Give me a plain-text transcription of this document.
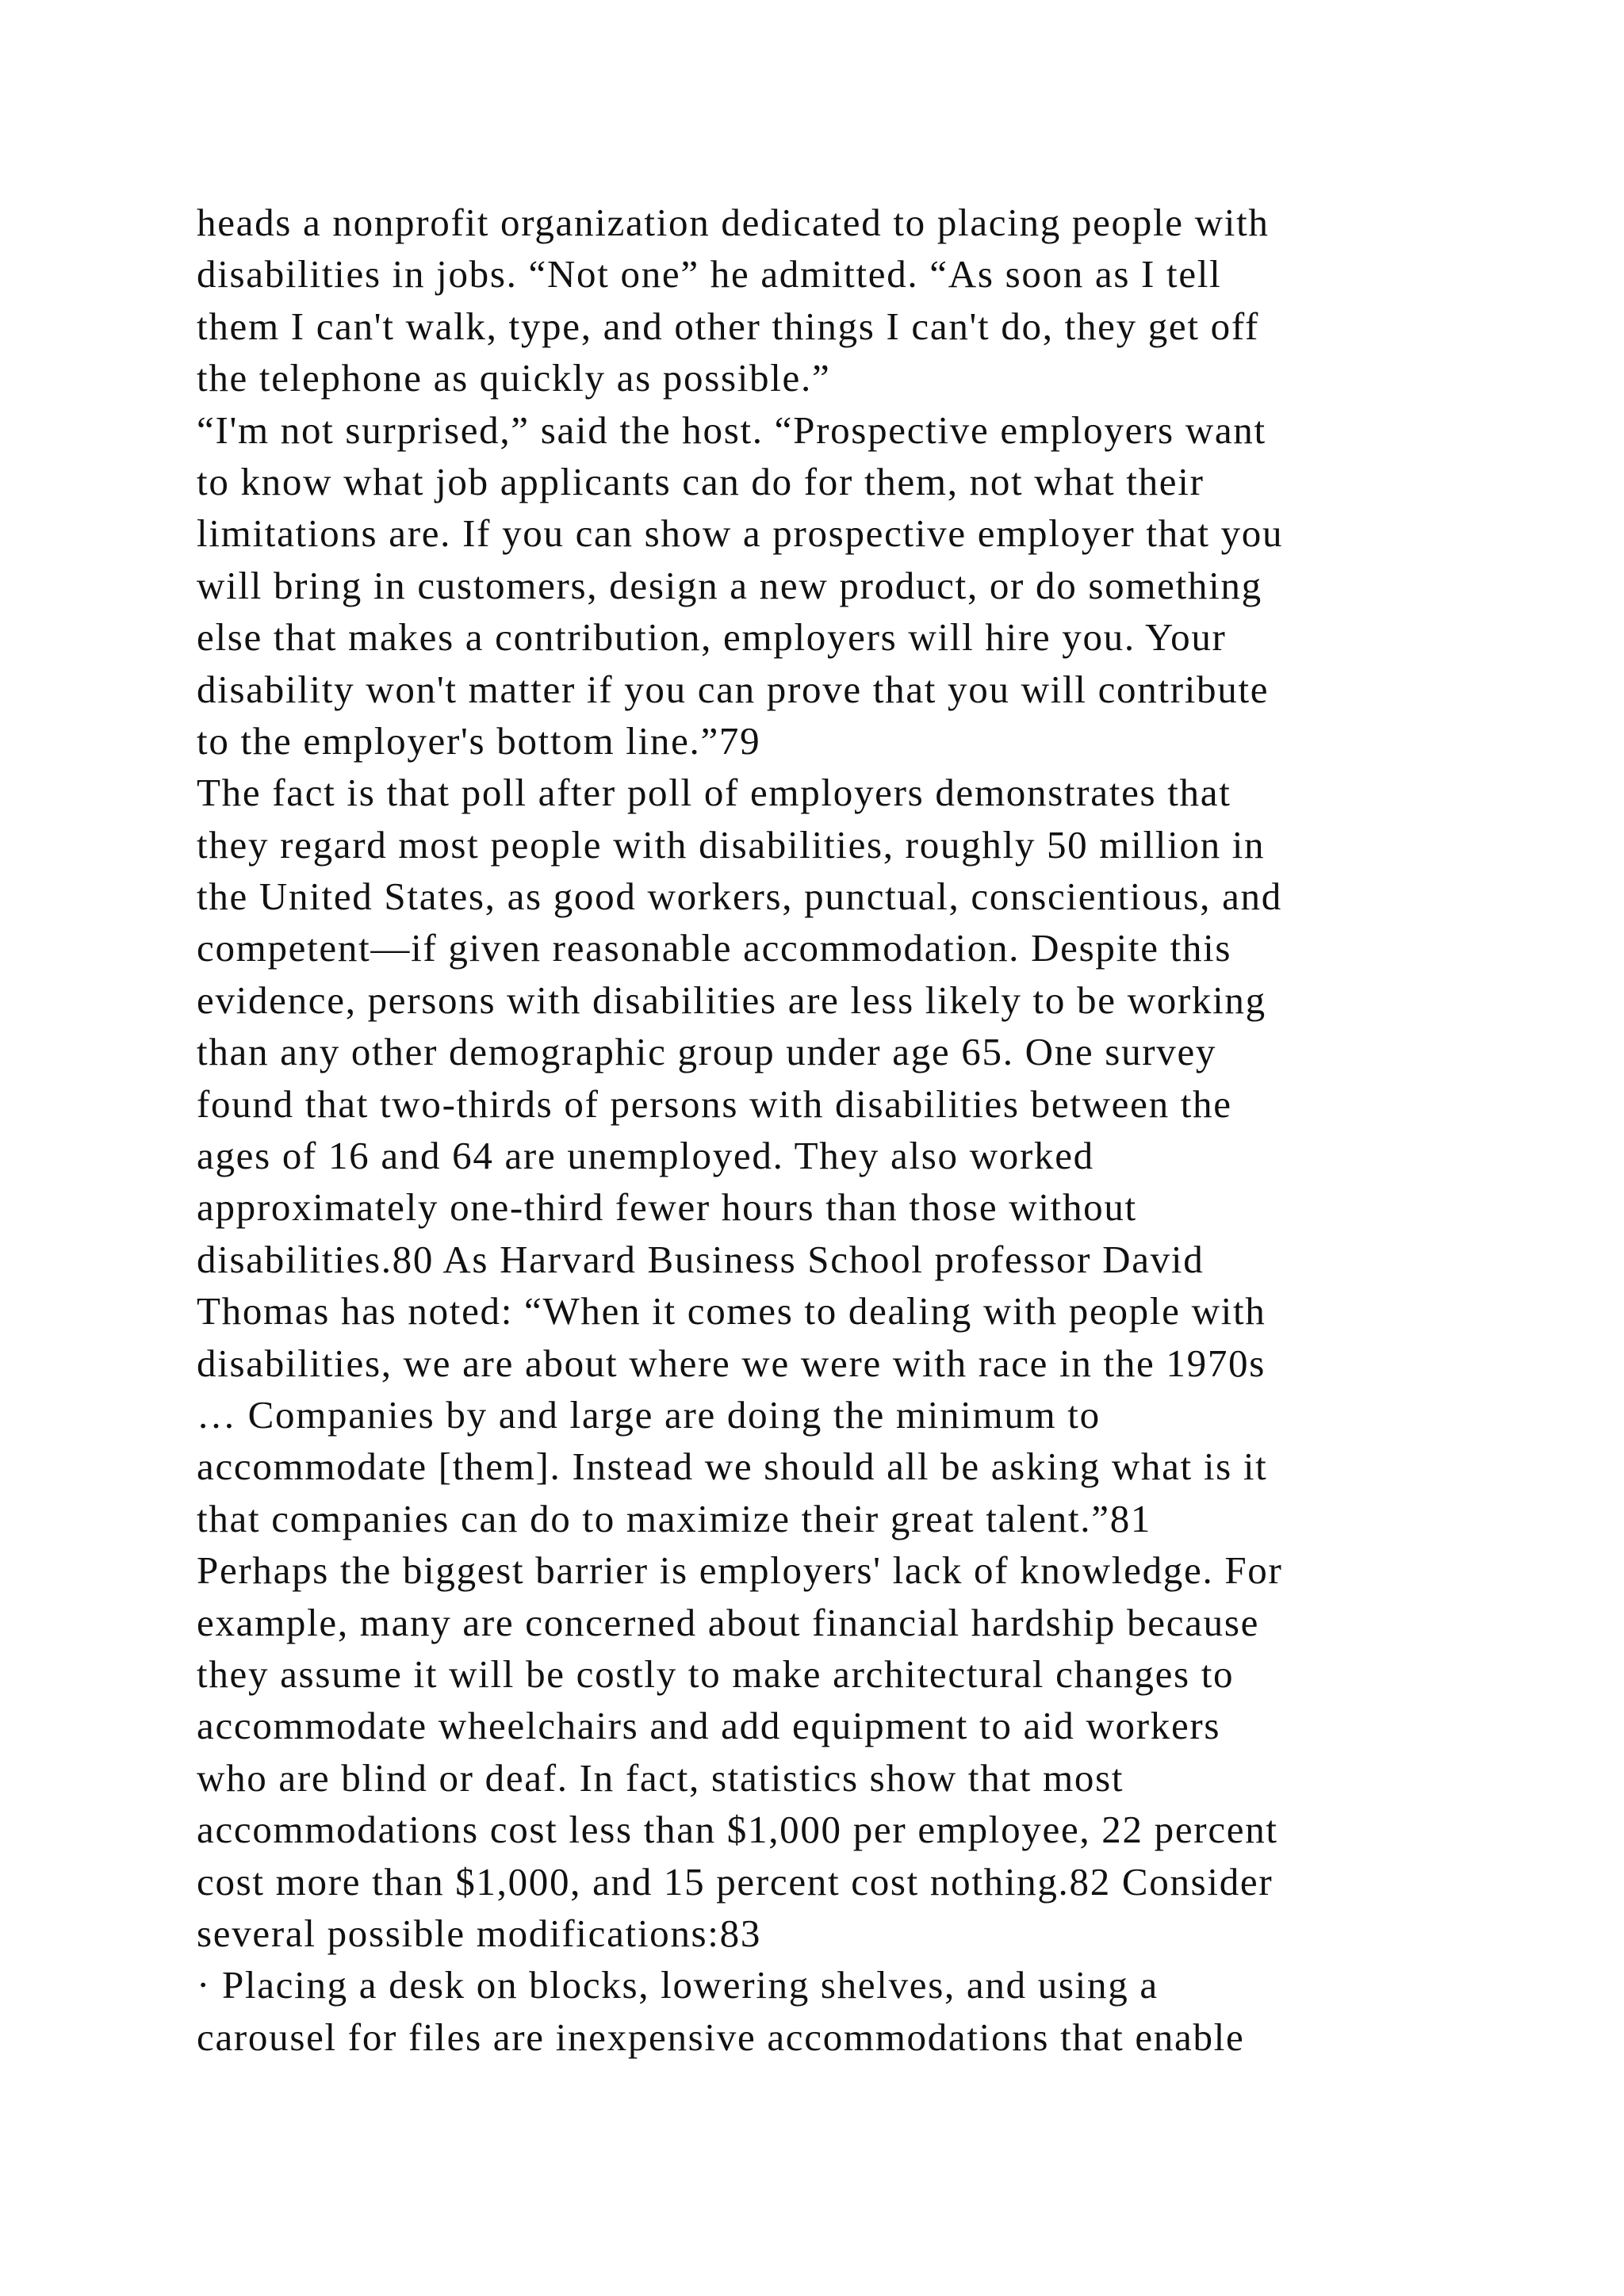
heads a nonprofit organization dedicated to placing people with
disabilities in jobs. “Not one” he admitted. “As soon as I tell
them I can't walk, type, and other things I can't do, they get off
the telephone as quickly as possible.”
“I'm not surprised,” said the host. “Prospective employers want
to know what job applicants can do for them, not what their
limitations are. If you can show a prospective employer that you
will bring in customers, design a new product, or do something
else that makes a contribution, employers will hire you. Your
disability won't matter if you can prove that you will contribute
to the employer's bottom line.”79
The fact is that poll after poll of employers demonstrates that
they regard most people with disabilities, roughly 50 million in
the United States, as good workers, punctual, conscientious, and
competent—if given reasonable accommodation. Despite this
evidence, persons with disabilities are less likely to be working
than any other demographic group under age 65. One survey
found that two-thirds of persons with disabilities between the
ages of 16 and 64 are unemployed. They also worked
approximately one-third fewer hours than those without
disabilities.80 As Harvard Business School professor David
Thomas has noted: “When it comes to dealing with people with
disabilities, we are about where we were with race in the 1970s
… Companies by and large are doing the minimum to
accommodate [them]. Instead we should all be asking what is it
that companies can do to maximize their great talent.”81
Perhaps the biggest barrier is employers' lack of knowledge. For
example, many are concerned about financial hardship because
they assume it will be costly to make architectural changes to
accommodate wheelchairs and add equipment to aid workers
who are blind or deaf. In fact, statistics show that most
accommodations cost less than $1,000 per employee, 22 percent
cost more than $1,000, and 15 percent cost nothing.82 Consider
several possible modifications:83
· Placing a desk on blocks, lowering shelves, and using a
carousel for files are inexpensive accommodations that enable
